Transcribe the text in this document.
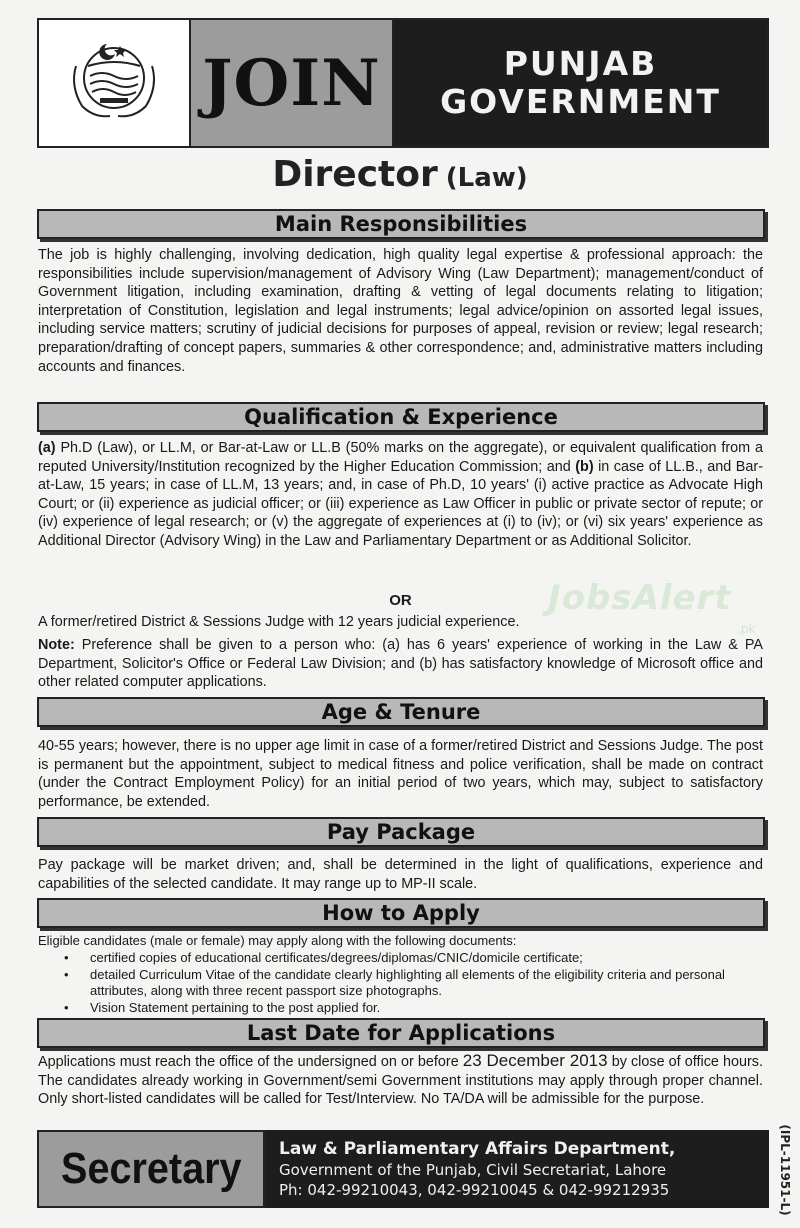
JOIN	PUNJAB
GOVERNMENT
Director (Law)
Main Responsibilities

The job is highly challenging, involving dedication, high quality legal expertise & professional approach: the responsibilities include supervision/management of Advisory Wing (Law Department); management/conduct of Government litigation, including examination, drafting & vetting of legal documents relating to litigation; interpretation of Constitution, legislation and legal instruments; legal advice/opinion on assorted legal issues, including service matters; scrutiny of judicial decisions for purposes of appeal, revision or review; legal research; preparation/drafting of concept papers, summaries & other correspondence; and, administrative matters including accounts and finances.

Qualification & Experience

(a) Ph.D (Law), or LL.M, or Bar-at-Law or LL.B (50% marks on the aggregate), or equivalent qualification from a reputed University/Institution recognized by the Higher Education Commission; and (b) in case of LL.B., and Bar-at-Law, 15 years; in case of LL.M, 13 years; and, in case of Ph.D, 10 years' (i) active practice as Advocate High Court; or (ii) experience as judicial officer; or (iii) experience as Law Officer in public or private sector of repute; or (iv) experience of legal research; or (v) the aggregate of experiences at (i) to (iv); or (vi) six years' experience as Additional Director (Advisory Wing) in the Law and Parliamentary Department or as Additional Solicitor.

OR

A former/retired District & Sessions Judge with 12 years judicial experience.

Note: Preference shall be given to a person who: (a) has 6 years' experience of working in the Law & PA Department, Solicitor's Office or Federal Law Division; and (b) has satisfactory knowledge of Microsoft office and other related computer applications.

Age & Tenure

40-55 years; however, there is no upper age limit in case of a former/retired District and Sessions Judge. The post is permanent but the appointment, subject to medical fitness and police verification, shall be made on contract (under the Contract Employment Policy) for an initial period of two years, which may, subject to satisfactory performance, be extended.

Pay Package

Pay package will be market driven; and, shall be determined in the light of qualifications, experience and capabilities of the selected candidate. It may range up to MP-II scale.

How to Apply

Eligible candidates (male or female) may apply along with the following documents:

• certified copies of educational certificates/degrees/diplomas/CNIC/domicile certificate;
• detailed Curriculum Vitae of the candidate clearly highlighting all elements of the eligibility criteria and personal attributes, along with three recent passport size photographs.
• Vision Statement pertaining to the post applied for.
Last Date for Applications

Applications must reach the office of the undersigned on or before 23 December 2013 by close of office hours. The candidates already working in Government/semi Government institutions may apply through proper channel. Only short-listed candidates will be called for Test/Interview. No TA/DA will be admissible for the purpose.

Secretary Law & Parliamentary Affairs Department,
Government of the Punjab, Civil Secretariat, Lahore
Ph: 042-99210043, 042-99210045 & 042-99212935	(IPL-11951-L)
JobsAlert
.pk
